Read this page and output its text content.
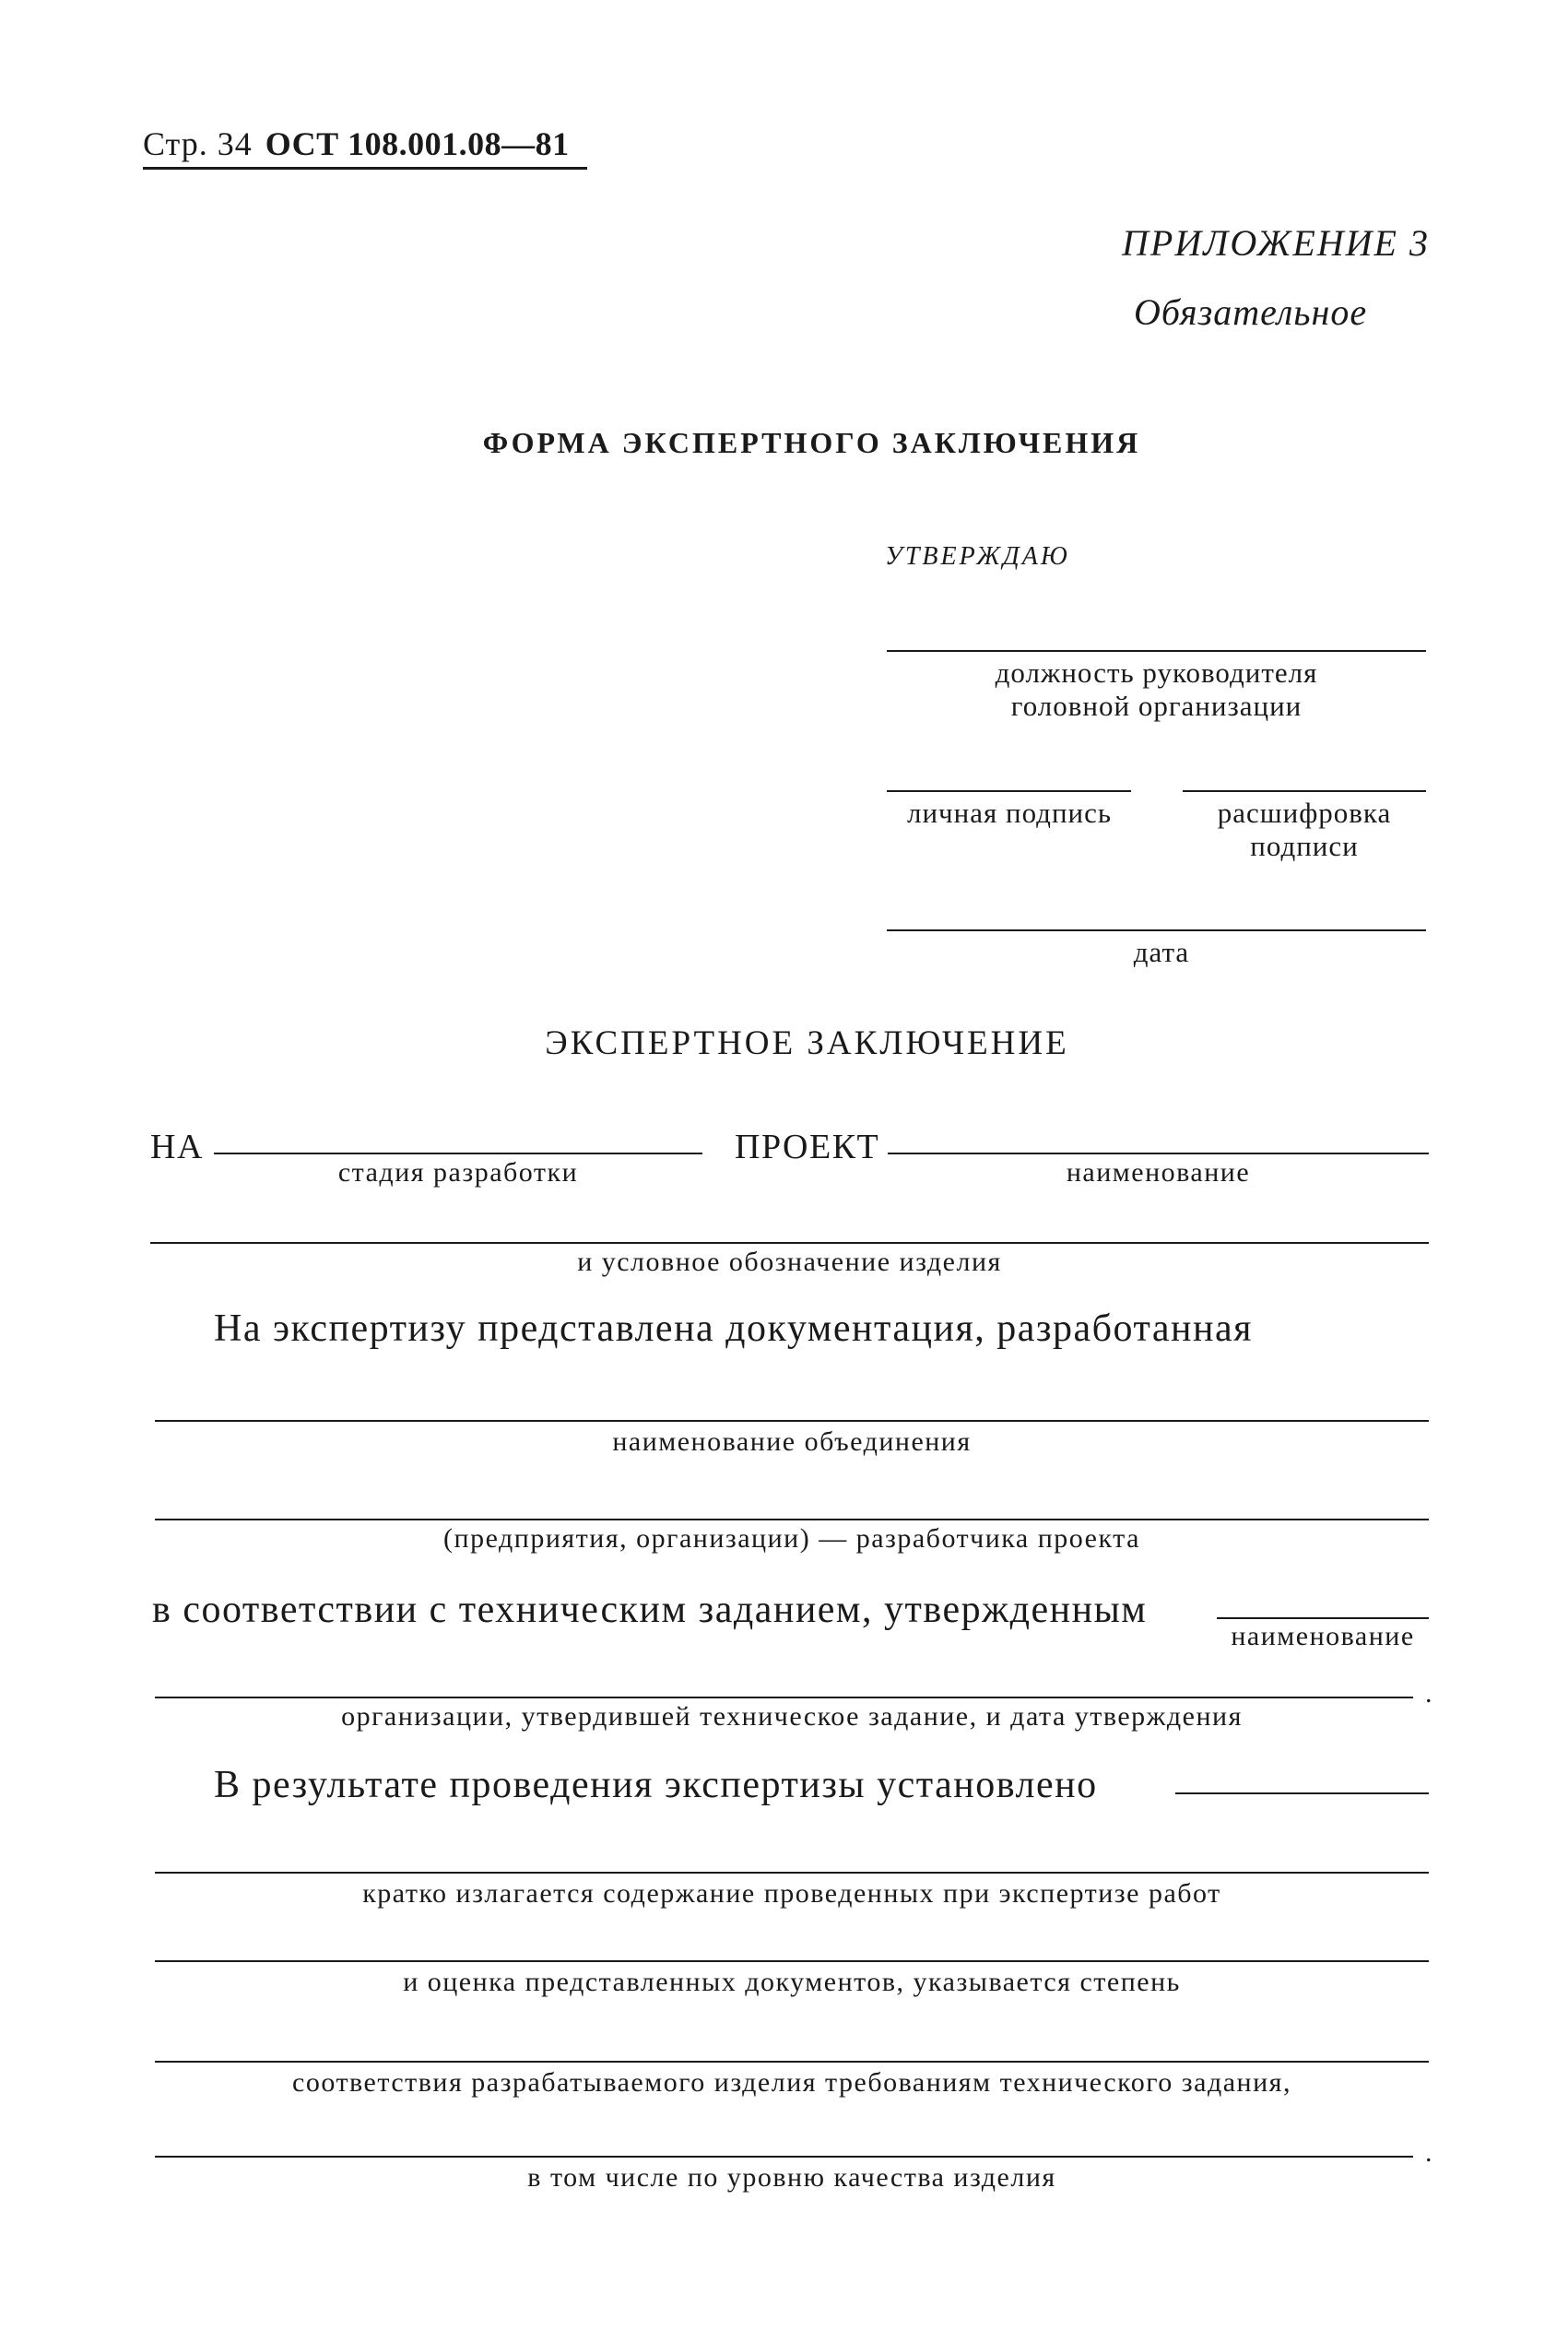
Стр. 34 ОСТ 108.001.08—81
ПРИЛОЖЕНИЕ 3
Обязательное
ФОРМА ЭКСПЕРТНОГО ЗАКЛЮЧЕНИЯ
УТВЕРЖДАЮ
должность руководителя
головной организации
личная подпись	расшифровка
подписи
дата
ЭКСПЕРТНОЕ ЗАКЛЮЧЕНИЕ
НА
стадия разработки
ПРОЕКТ
наименование
и условное обозначение изделия
На экспертизу представлена документация, разработанная
наименование объединения
(предприятия, организации) — разработчика проекта
в соответствии с техническим заданием, утвержденным
наименование
.
организации, утвердившей техническое задание, и дата утверждения
В результате проведения экспертизы установлено
кратко излагается содержание проведенных при экспертизе работ
и оценка представленных документов, указывается степень
соответствия разрабатываемого изделия требованиям технического задания,
.
в том числе по уровню качества изделия
